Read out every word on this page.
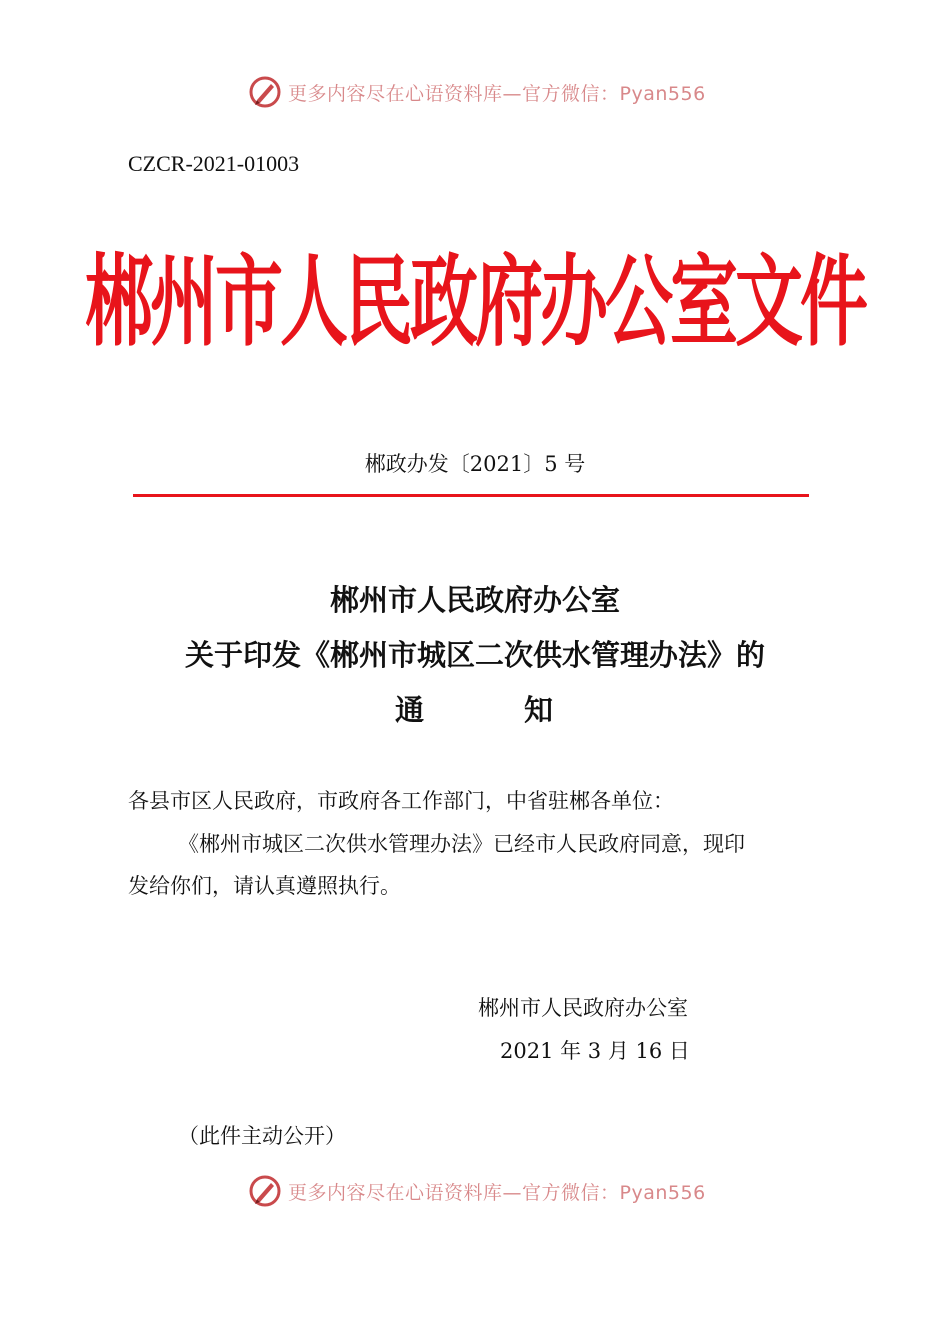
更多内容尽在心语资料库—官方微信：Pyan556
CZCR-2021-01003
郴州市人民政府办公室文件
郴政办发〔2021〕5 号
郴州市人民政府办公室
关于印发《郴州市城区二次供水管理办法》的
通	知
各县市区人民政府，市政府各工作部门，中省驻郴各单位：
《郴州市城区二次供水管理办法》已经市人民政府同意，现印
发给你们，请认真遵照执行。
郴州市人民政府办公室
2021 年 3 月 16 日
（此件主动公开）
更多内容尽在心语资料库—官方微信：Pyan556
